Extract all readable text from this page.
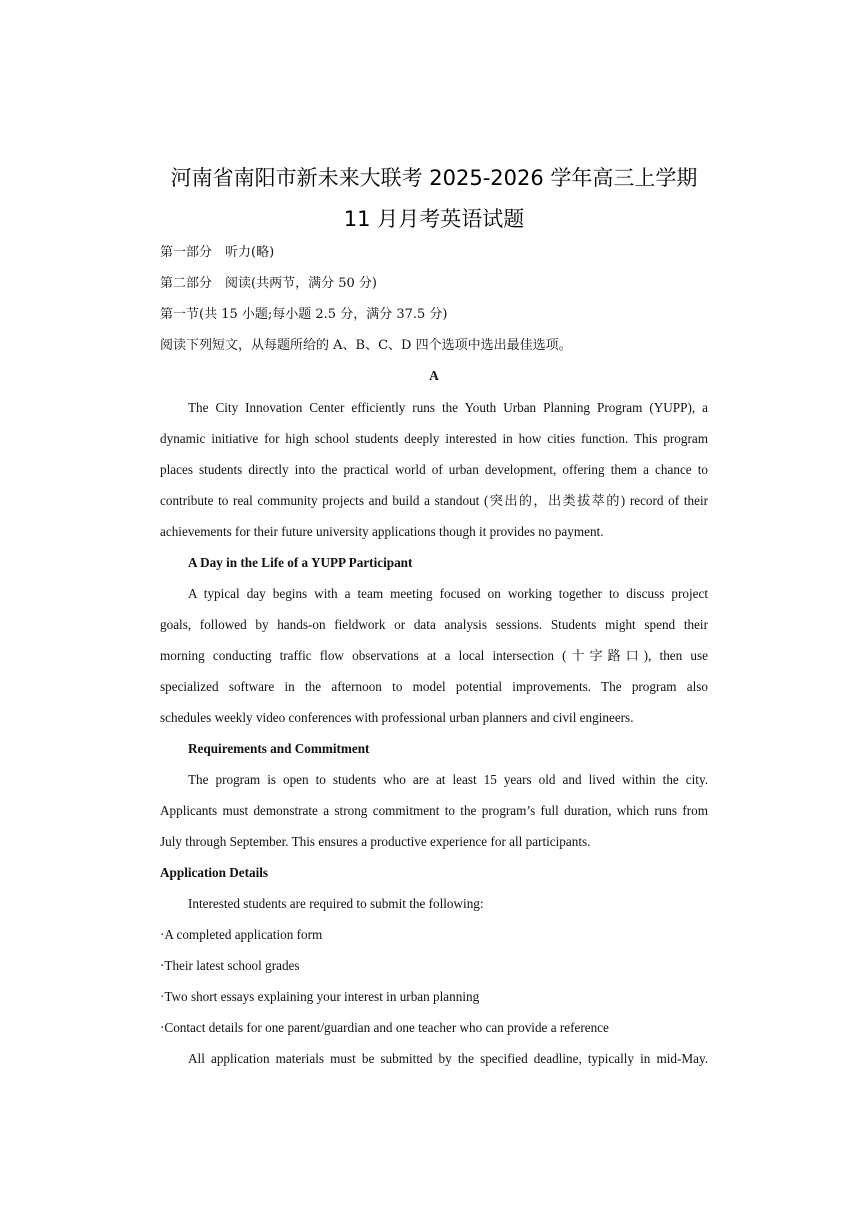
河南省南阳市新未来大联考 2025-2026 学年高三上学期
11 月月考英语试题
第一部分　听力(略)
第二部分　阅读(共两节，满分 50 分)
第一节(共 15 小题;每小题 2.5 分，满分 37.5 分)
阅读下列短文，从每题所给的 A、B、C、D 四个选项中选出最佳选项。
A
The City Innovation Center efficiently runs the Youth Urban Planning Program (YUPP), a
dynamic initiative for high school students deeply interested in how cities function. This program
places students directly into the practical world of urban development, offering them a chance to
contribute to real community projects and build a standout (突出的，出类拔萃的) record of their
achievements for their future university applications though it provides no payment.
A Day in the Life of a YUPP Participant
A typical day begins with a team meeting focused on working together to discuss project
goals, followed by hands-on fieldwork or data analysis sessions. Students might spend their
morning conducting traffic flow observations at a local intersection (十字路口), then use
specialized software in the afternoon to model potential improvements. The program also
schedules weekly video conferences with professional urban planners and civil engineers.
Requirements and Commitment
The program is open to students who are at least 15 years old and lived within the city.
Applicants must demonstrate a strong commitment to the program’s full duration, which runs from
July through September. This ensures a productive experience for all participants.
Application Details
Interested students are required to submit the following:
·A completed application form
·Their latest school grades
·Two short essays explaining your interest in urban planning
·Contact details for one parent/guardian and one teacher who can provide a reference
All application materials must be submitted by the specified deadline, typically in mid-May.
